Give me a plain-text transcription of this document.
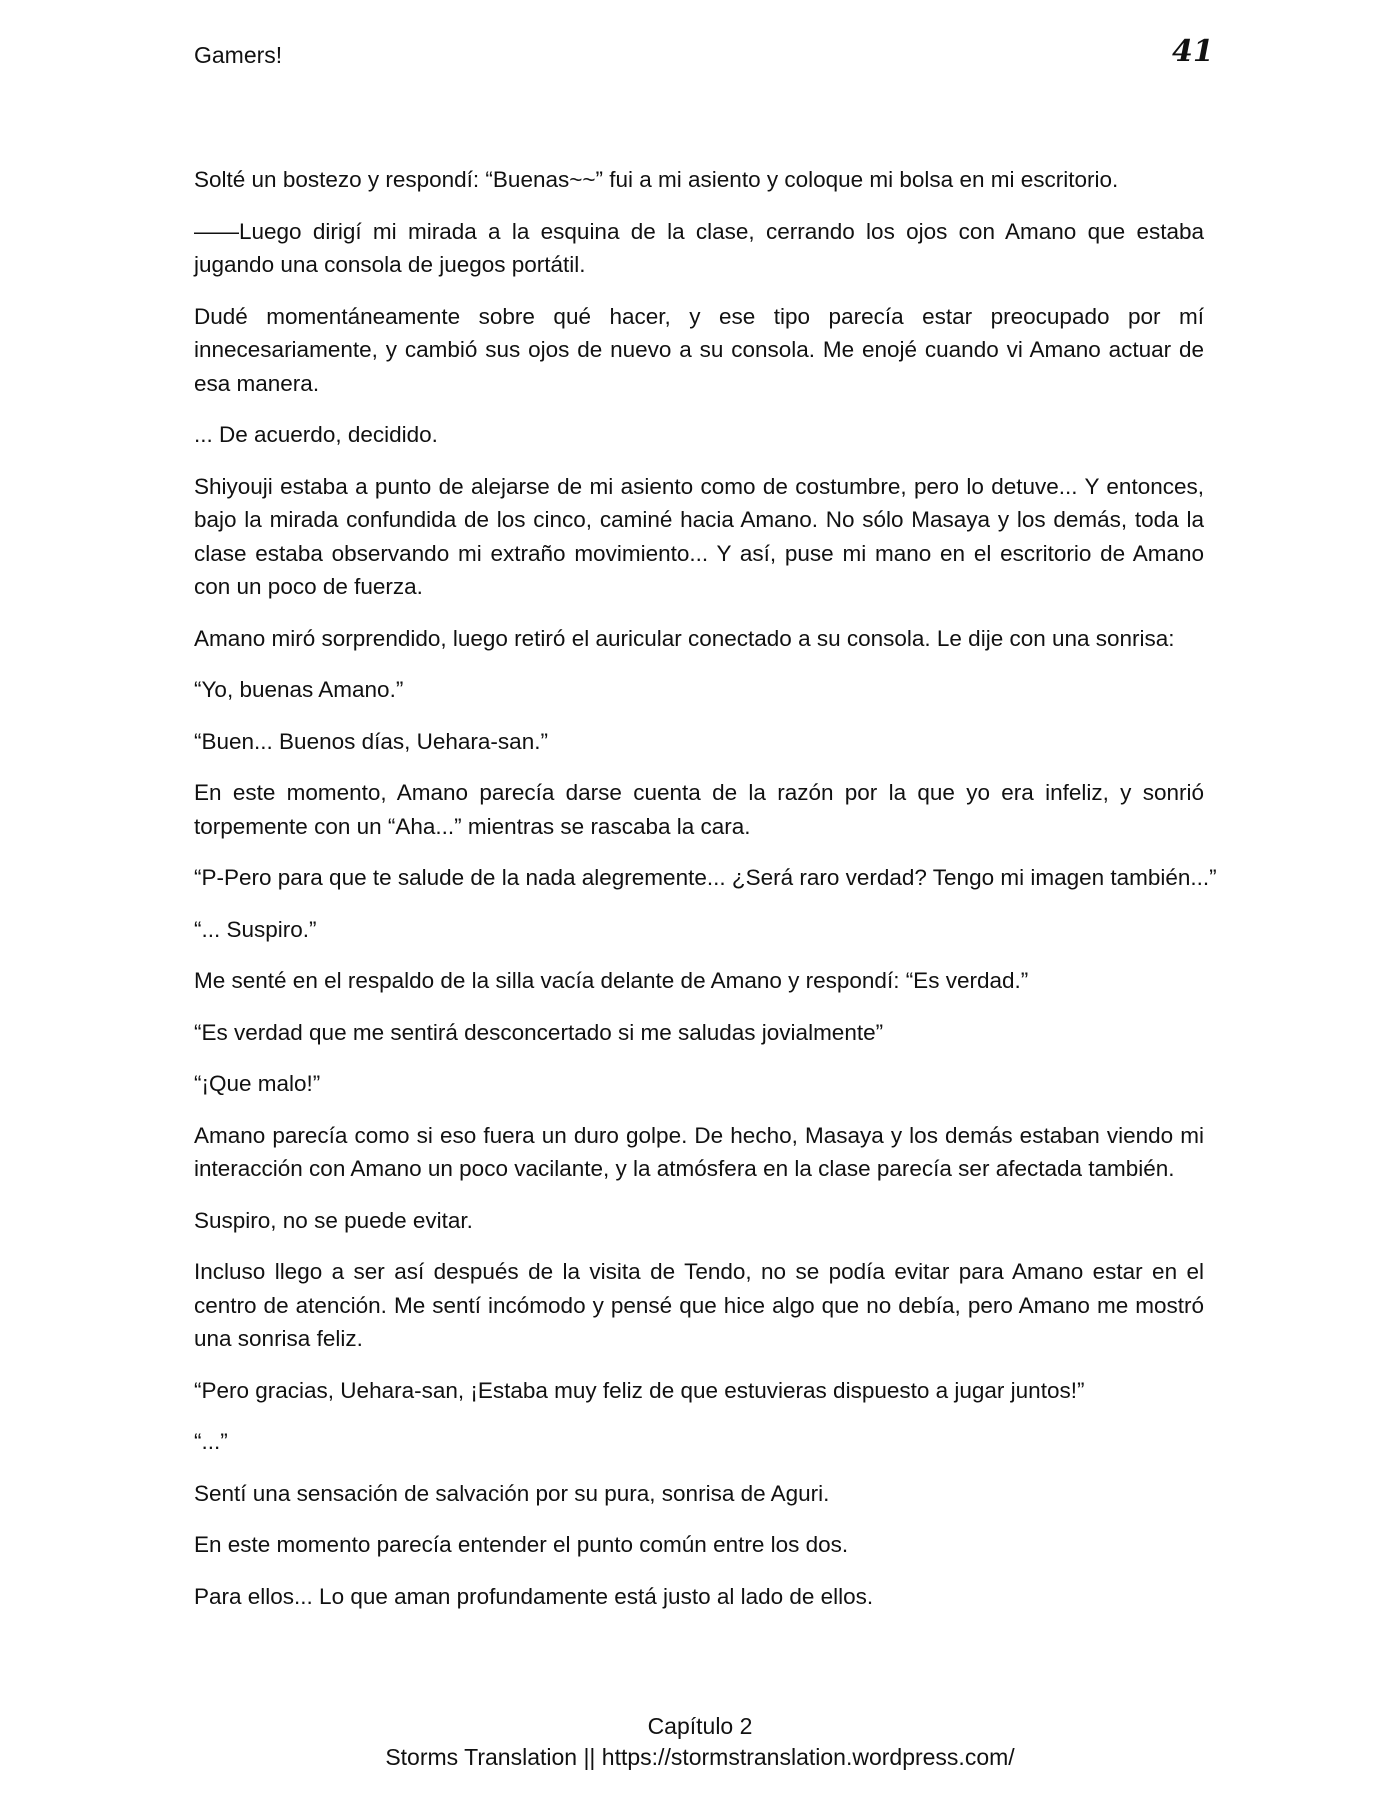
Gamers!	41

Solté un bostezo y respondí: “Buenas~~” fui a mi asiento y coloque mi bolsa en mi escritorio.

——Luego dirigí mi mirada a la esquina de la clase, cerrando los ojos con Amano que estaba jugando una consola de juegos portátil.

Dudé momentáneamente sobre qué hacer, y ese tipo parecía estar preocupado por mí innecesariamente, y cambió sus ojos de nuevo a su consola. Me enojé cuando vi Amano actuar de esa manera.

... De acuerdo, decidido.

Shiyouji estaba a punto de alejarse de mi asiento como de costumbre, pero lo detuve... Y entonces, bajo la mirada confundida de los cinco, caminé hacia Amano. No sólo Masaya y los demás, toda la clase estaba observando mi extraño movimiento... Y así, puse mi mano en el escritorio de Amano con un poco de fuerza.

Amano miró sorprendido, luego retiró el auricular conectado a su consola. Le dije con una sonrisa:

“Yo, buenas Amano.”

“Buen... Buenos días, Uehara-san.”

En este momento, Amano parecía darse cuenta de la razón por la que yo era infeliz, y sonrió torpemente con un “Aha...” mientras se rascaba la cara.

“P-Pero para que te salude de la nada alegremente... ¿Será raro verdad? Tengo mi imagen también...”

“... Suspiro.”

Me senté en el respaldo de la silla vacía delante de Amano y respondí: “Es verdad.”

“Es verdad que me sentirá desconcertado si me saludas jovialmente”

“¡Que malo!”

Amano parecía como si eso fuera un duro golpe. De hecho, Masaya y los demás estaban viendo mi interacción con Amano un poco vacilante, y la atmósfera en la clase parecía ser afectada también.

Suspiro, no se puede evitar.

Incluso llego a ser así después de la visita de Tendo, no se podía evitar para Amano estar en el centro de atención. Me sentí incómodo y pensé que hice algo que no debía, pero Amano me mostró una sonrisa feliz.

“Pero gracias, Uehara-san, ¡Estaba muy feliz de que estuvieras dispuesto a jugar juntos!”

“...”

Sentí una sensación de salvación por su pura, sonrisa de Aguri.

En este momento parecía entender el punto común entre los dos.

Para ellos... Lo que aman profundamente está justo al lado de ellos.

Capítulo 2
Storms Translation || https://stormstranslation.wordpress.com/
